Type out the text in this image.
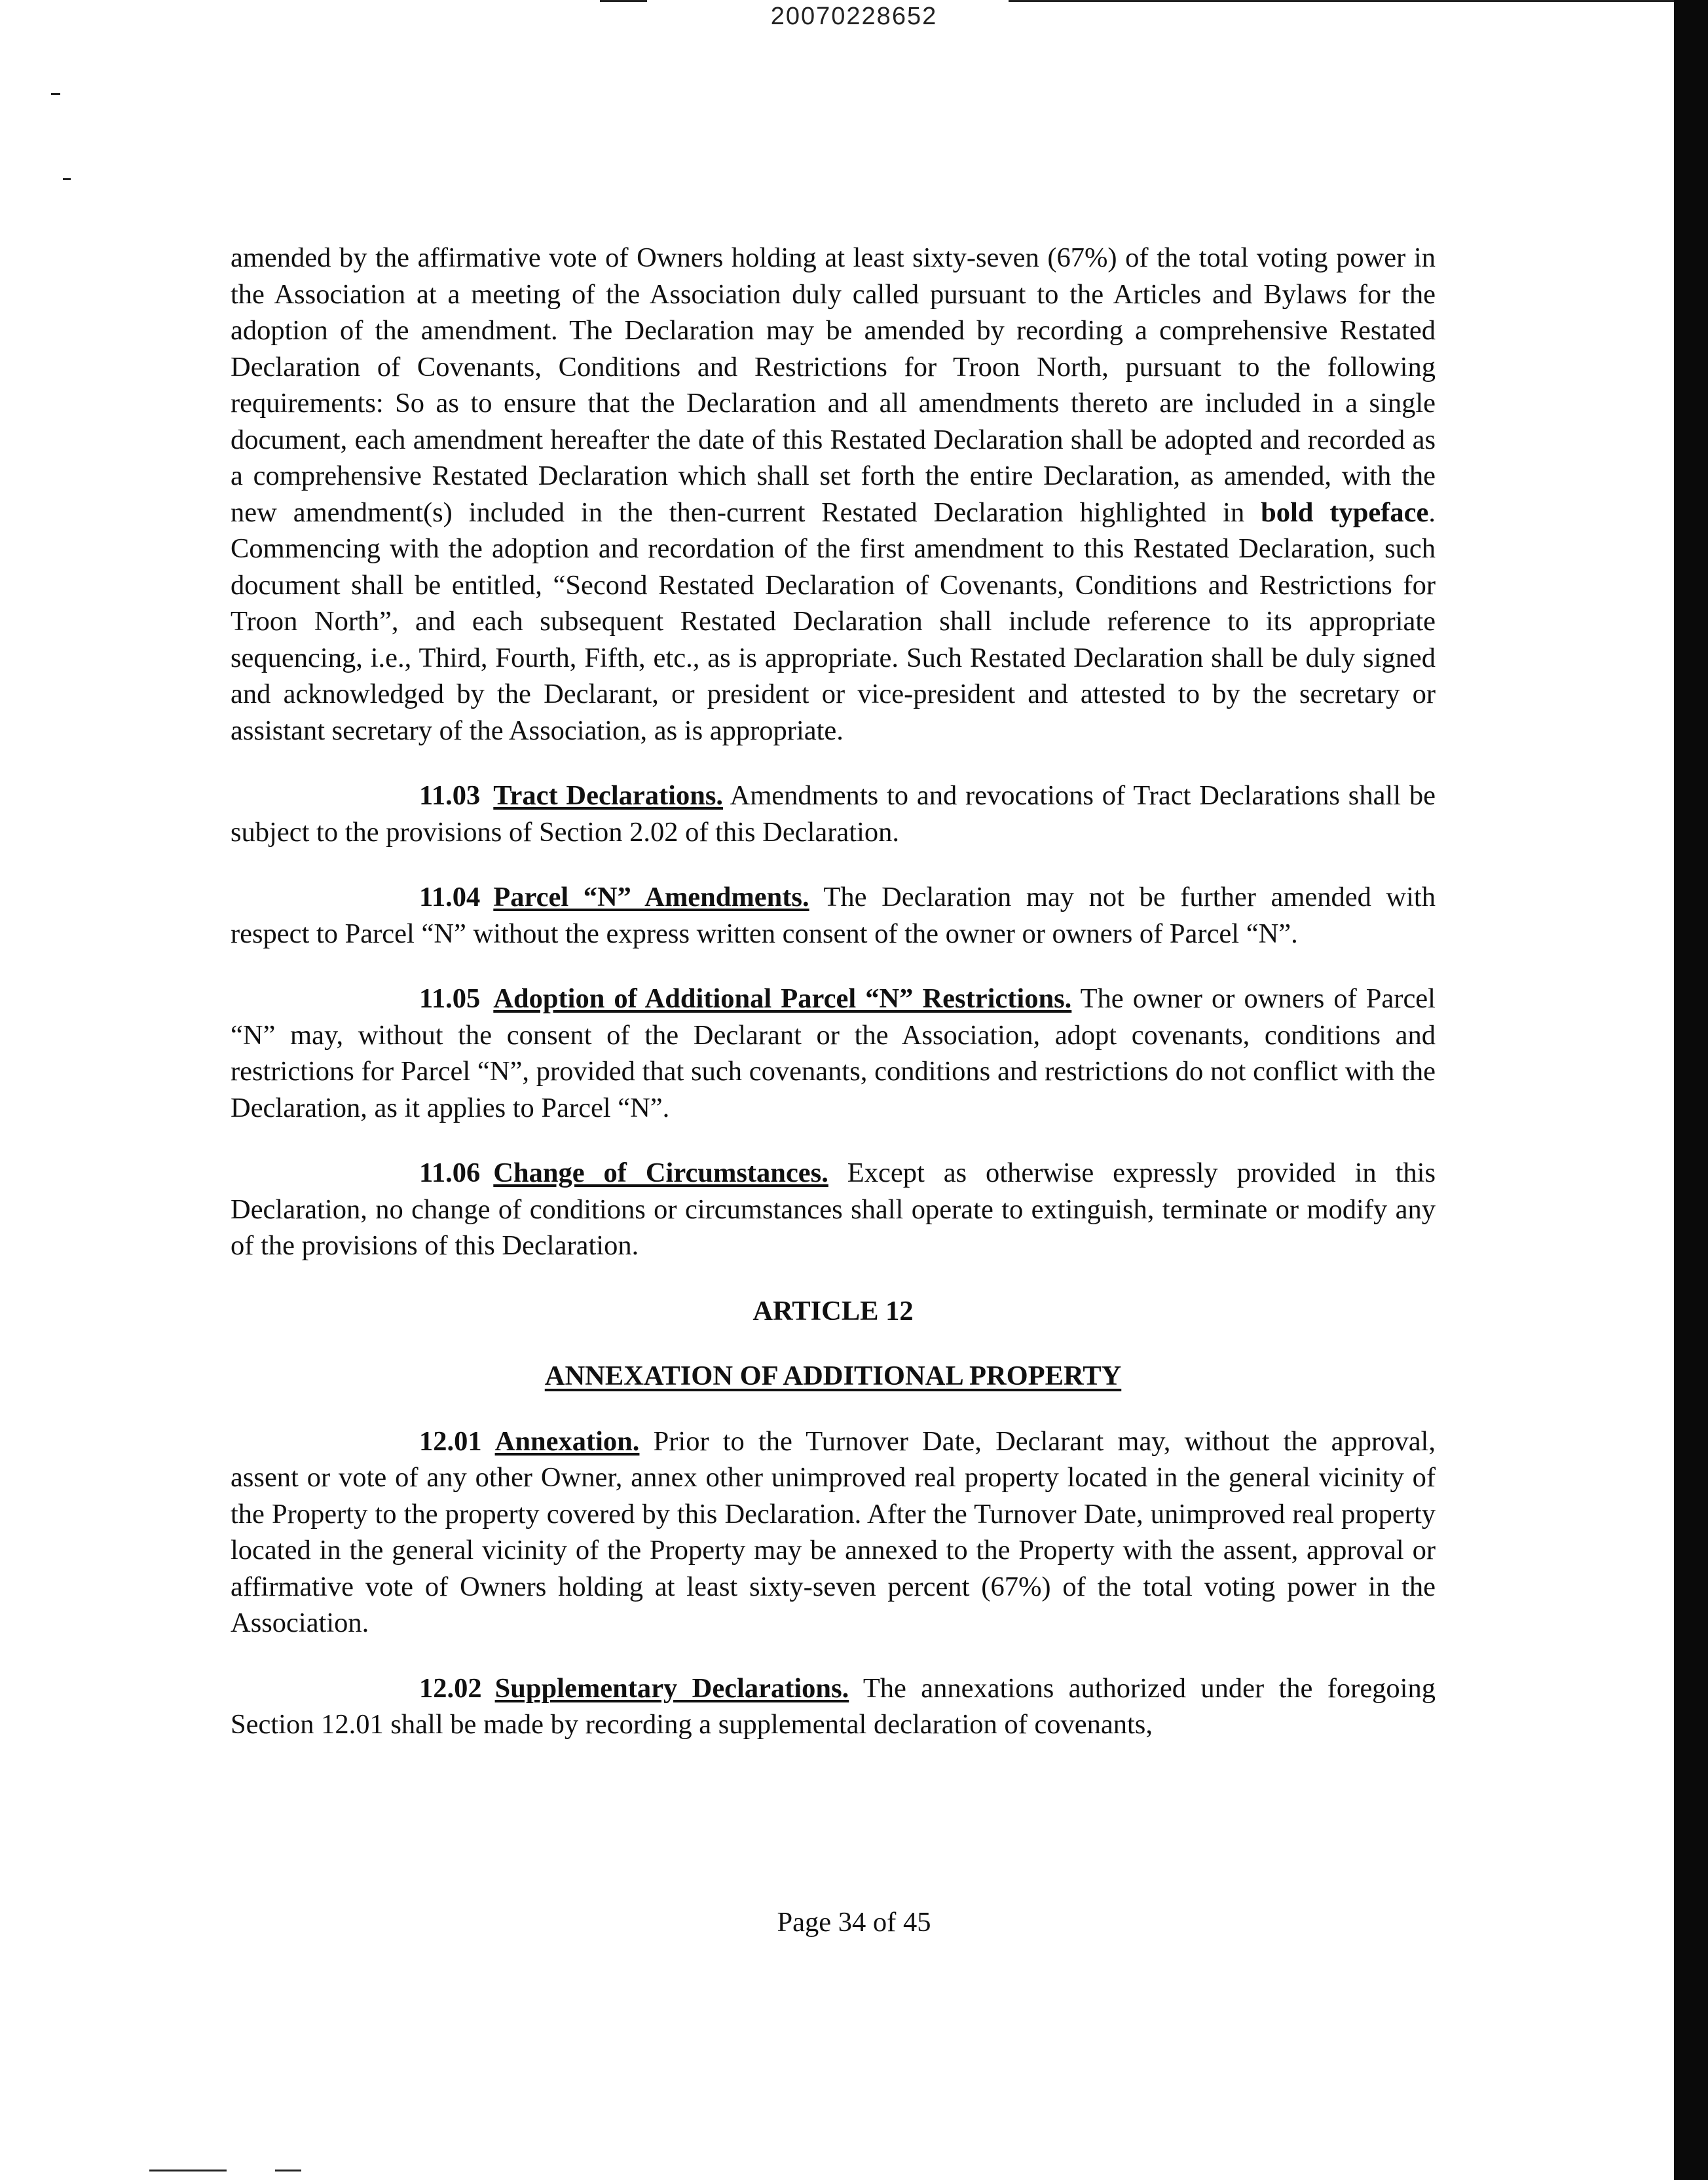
20070228652

amended by the affirmative vote of Owners holding at least sixty-seven (67%) of the total voting power in the Association at a meeting of the Association duly called pursuant to the Articles and Bylaws for the adoption of the amendment. The Declaration may be amended by recording a comprehensive Restated Declaration of Covenants, Conditions and Restrictions for Troon North, pursuant to the following requirements: So as to ensure that the Declaration and all amendments thereto are included in a single document, each amendment hereafter the date of this Restated Declaration shall be adopted and recorded as a comprehensive Restated Declaration which shall set forth the entire Declaration, as amended, with the new amendment(s) included in the then-current Restated Declaration highlighted in bold typeface. Commencing with the adoption and recordation of the first amendment to this Restated Declaration, such document shall be entitled, “Second Restated Declaration of Covenants, Conditions and Restrictions for Troon North”, and each subsequent Restated Declaration shall include reference to its appropriate sequencing, i.e., Third, Fourth, Fifth, etc., as is appropriate. Such Restated Declaration shall be duly signed and acknowledged by the Declarant, or president or vice-president and attested to by the secretary or assistant secretary of the Association, as is appropriate.

11.03 Tract Declarations. Amendments to and revocations of Tract Declarations shall be subject to the provisions of Section 2.02 of this Declaration.

11.04 Parcel “N” Amendments. The Declaration may not be further amended with respect to Parcel “N” without the express written consent of the owner or owners of Parcel “N”.

11.05 Adoption of Additional Parcel “N” Restrictions. The owner or owners of Parcel “N” may, without the consent of the Declarant or the Association, adopt covenants, conditions and restrictions for Parcel “N”, provided that such covenants, conditions and restrictions do not conflict with the Declaration, as it applies to Parcel “N”.

11.06 Change of Circumstances. Except as otherwise expressly provided in this Declaration, no change of conditions or circumstances shall operate to extinguish, terminate or modify any of the provisions of this Declaration.

ARTICLE 12

ANNEXATION OF ADDITIONAL PROPERTY

12.01 Annexation. Prior to the Turnover Date, Declarant may, without the approval, assent or vote of any other Owner, annex other unimproved real property located in the general vicinity of the Property to the property covered by this Declaration. After the Turnover Date, unimproved real property located in the general vicinity of the Property may be annexed to the Property with the assent, approval or affirmative vote of Owners holding at least sixty-seven percent (67%) of the total voting power in the Association.

12.02 Supplementary Declarations. The annexations authorized under the foregoing Section 12.01 shall be made by recording a supplemental declaration of covenants,

Page 34 of 45
